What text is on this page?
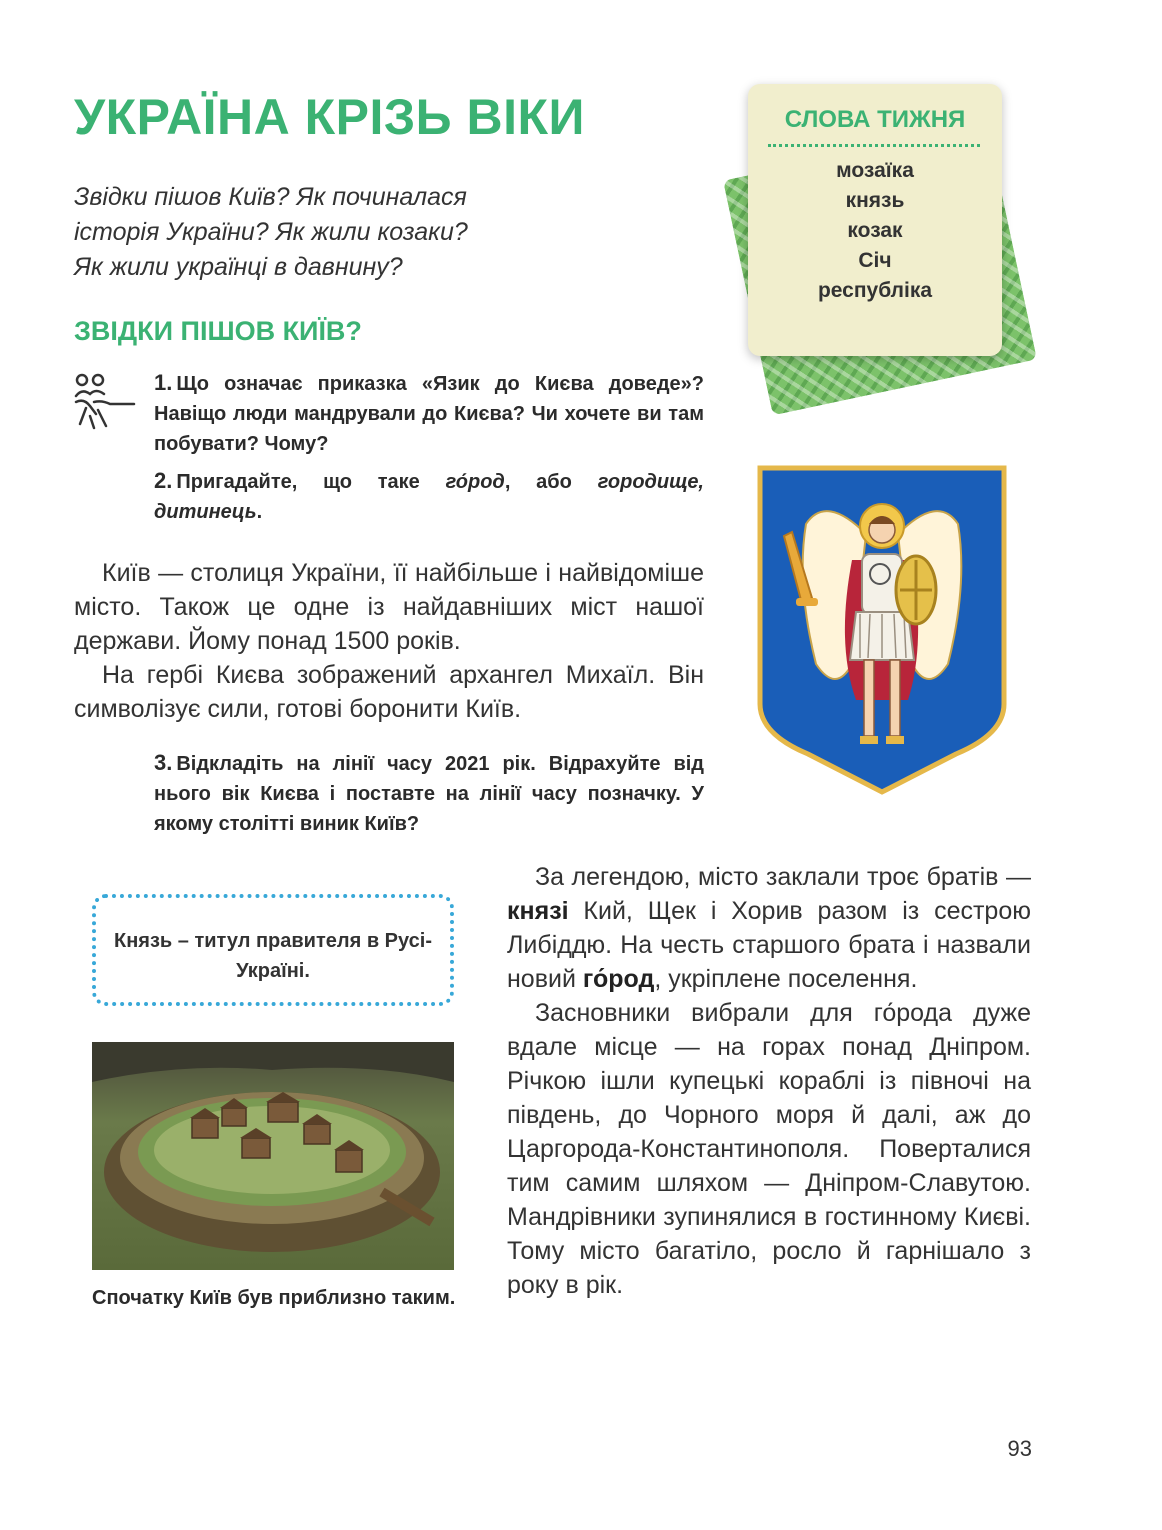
УКРАЇНА КРІЗЬ ВІКИ
Звідки пішов Київ? Як починалася
історія України? Як жили козаки?
Як жили українці в давнину?
ЗВІДКИ ПІШОВ КИЇВ?
СЛОВА ТИЖНЯ
мозаїка
князь
козак
Січ
республіка
1. Що означає приказка «Язик до Києва доведе»? Навіщо люди мандрували до Києва? Чи хочете ви там побувати? Чому?
2. Пригадайте, що таке го́род, або городище, дитинець.

Київ — столиця України, її найбільше і найвідоміше місто. Також це одне із найдавніших міст нашої держави. Йому понад 1500 років.

На гербі Києва зображений архангел Михаїл. Він символізує сили, готові боронити Київ.

3. Відкладіть на лінії часу 2021 рік. Відрахуйте від нього вік Києва і поставте на лінії часу позначку. У якому столітті виник Київ?
Князь – титул правителя в Русі-Україні.
Спочатку Київ був приблизно таким.

За легендою, місто заклали троє братів — князі Кий, Щек і Хорив разом із сестрою Либіддю. На честь старшого брата і назвали новий го́род, укріплене поселення.

Засновники вибрали для го́рода дуже вдале місце — на горах понад Дніпром. Річкою ішли купецькі кораблі із півночі на південь, до Чорного моря й далі, аж до Царгорода-Константинополя. Поверталися тим самим шляхом — Дніпром-Славутою. Мандрівники зупинялися в гостинному Києві. Тому місто багатіло, росло й гарнішало з року в рік.

93
